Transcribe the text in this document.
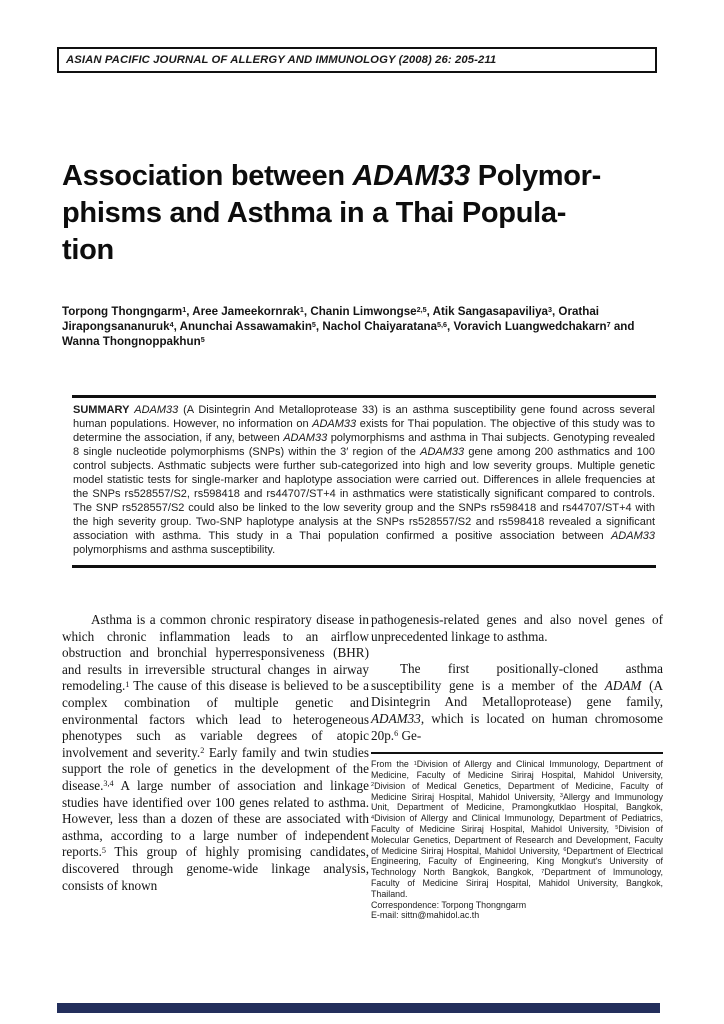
ASIAN PACIFIC JOURNAL OF ALLERGY AND IMMUNOLOGY (2008) 26: 205-211
Association between ADAM33 Polymor-
phisms and Asthma in a Thai Popula-
tion
Torpong Thongngarm$^1$, Aree Jameekornrak$^1$, Chanin Limwongse$^{2,5}$, Atik Sangasapaviliya$^3$, Orathai Jirapongsananuruk$^4$, Anunchai Assawamakin$^5$, Nachol Chaiyaratana$^{5,6}$, Voravich Luangwedchakarn$^7$ and Wanna Thongnoppakhun$^5$
SUMMARY ADAM33 (A Disintegrin And Metalloprotease 33) is an asthma susceptibility gene found across several human populations. However, no information on ADAM33 exists for Thai population. The objective of this study was to determine the association, if any, between ADAM33 polymorphisms and asthma in Thai subjects. Genotyping revealed 8 single nucleotide polymorphisms (SNPs) within the 3′ region of the ADAM33 gene among 200 asthmatics and 100 control subjects. Asthmatic subjects were further sub-categorized into high and low severity groups. Multiple genetic model statistic tests for single-marker and haplotype association were carried out. Differences in allele frequencies at the SNPs rs528557/S2, rs598418 and rs44707/ST+4 in asthmatics were statistically significant compared to controls. The SNP rs528557/S2 could also be linked to the low severity group and the SNPs rs598418 and rs44707/ST+4 with the high severity group. Two-SNP haplotype analysis at the SNPs rs528557/S2 and rs598418 revealed a significant association with asthma. This study in a Thai population confirmed a positive association between ADAM33 polymorphisms and asthma susceptibility.

Asthma is a common chronic respiratory disease in which chronic inflammation leads to an airflow obstruction and bronchial hyperresponsiveness (BHR) and results in irreversible structural changes in airway remodeling.$^1$ The cause of this disease is believed to be a complex combination of multiple genetic and environmental factors which lead to heterogeneous phenotypes such as variable degrees of atopic involvement and severity.$^2$ Early family and twin studies support the role of genetics in the development of the disease.$^{3,4}$ A large number of association and linkage studies have identified over 100 genes related to asthma. However, less than a dozen of these are associated with asthma, according to a large number of independent reports.$^5$ This group of highly promising candidates, discovered through genome-wide linkage analysis, consists of known

pathogenesis-related genes and also novel genes of unprecedented linkage to asthma.

The first positionally-cloned asthma susceptibility gene is a member of the ADAM (A Disintegrin And Metalloprotease) gene family, ADAM33, which is located on human chromosome 20p.$^6$ Ge-

From the $^1$Division of Allergy and Clinical Immunology, Department of Medicine, Faculty of Medicine Siriraj Hospital, Mahidol University, $^2$Division of Medical Genetics, Department of Medicine, Faculty of Medicine Siriraj Hospital, Mahidol University, $^3$Allergy and Immunology Unit, Department of Medicine, Pramongkutklao Hospital, Bangkok, $^4$Division of Allergy and Clinical Immunology, Department of Pediatrics, Faculty of Medicine Siriraj Hospital, Mahidol University, $^5$Division of Molecular Genetics, Department of Research and Development, Faculty of Medicine Siriraj Hospital, Mahidol University, $^6$Department of Electrical Engineering, Faculty of Engineering, King Mongkut's University of Technology North Bangkok, Bangkok, $^7$Department of Immunology, Faculty of Medicine Siriraj Hospital, Mahidol University, Bangkok, Thailand.
Correspondence: Torpong Thongngarm
E-mail: sittn@mahidol.ac.th
